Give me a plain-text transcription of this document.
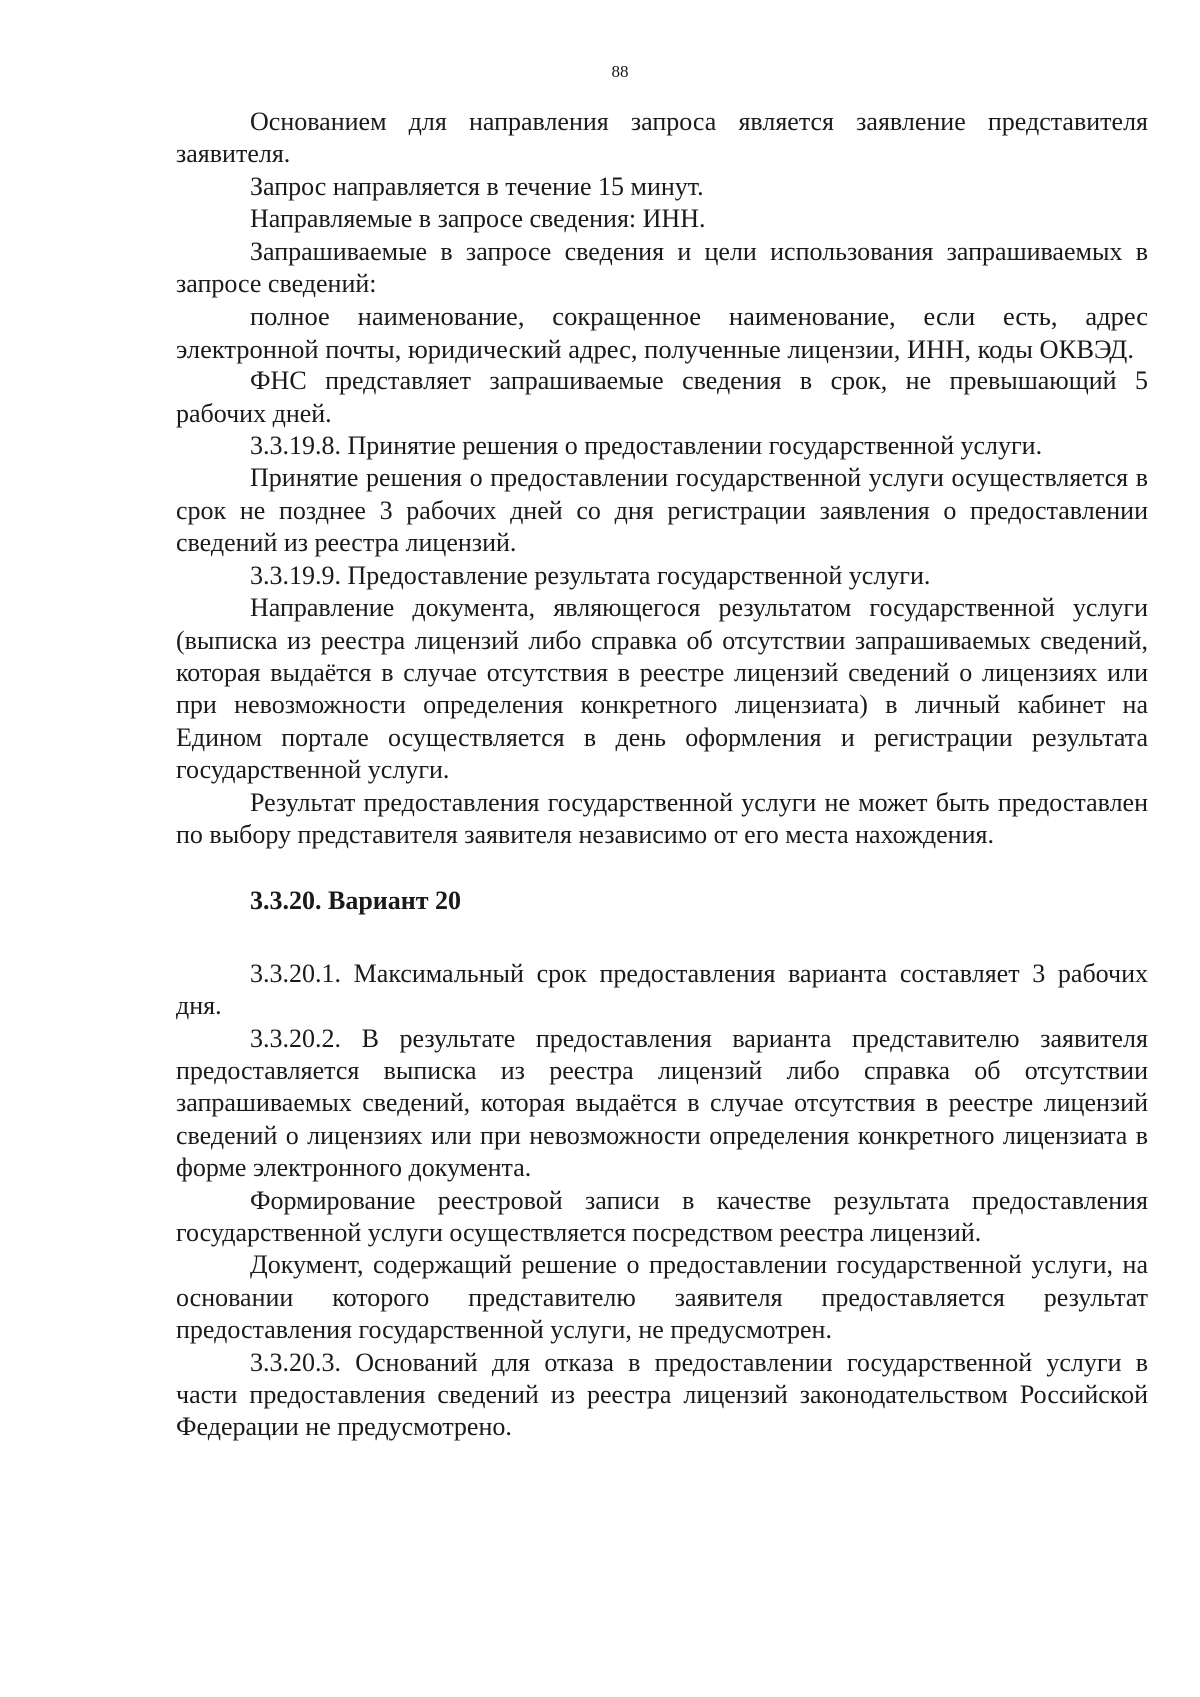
88

Основанием для направления запроса является заявление представителя заявителя.

Запрос направляется в течение 15 минут.

Направляемые в запросе сведения: ИНН.

Запрашиваемые в запросе сведения и цели использования запрашиваемых в запросе сведений:

полное наименование, сокращенное наименование, если есть, адрес электронной почты, юридический адрес, полученные лицензии, ИНН, коды ОКВЭД.

ФНС представляет запрашиваемые сведения в срок, не превышающий 5 рабочих дней.

3.3.19.8. Принятие решения о предоставлении государственной услуги.

Принятие решения о предоставлении государственной услуги осуществляется в срок не позднее 3 рабочих дней со дня регистрации заявления о предоставлении сведений из реестра лицензий.

3.3.19.9. Предоставление результата государственной услуги.

Направление документа, являющегося результатом государственной услуги (выписка из реестра лицензий либо справка об отсутствии запрашиваемых сведений, которая выдаётся в случае отсутствия в реестре лицензий сведений о лицензиях или при невозможности определения конкретного лицензиата) в личный кабинет на Едином портале осуществляется в день оформления и регистрации результата государственной услуги.

Результат предоставления государственной услуги не может быть предоставлен по выбору представителя заявителя независимо от его места нахождения.

3.3.20. Вариант 20

3.3.20.1. Максимальный срок предоставления варианта составляет 3 рабочих дня.

3.3.20.2. В результате предоставления варианта представителю заявителя предоставляется выписка из реестра лицензий либо справка об отсутствии запрашиваемых сведений, которая выдаётся в случае отсутствия в реестре лицензий сведений о лицензиях или при невозможности определения конкретного лицензиата в форме электронного документа.

Формирование реестровой записи в качестве результата предоставления государственной услуги осуществляется посредством реестра лицензий.

Документ, содержащий решение о предоставлении государственной услуги, на основании которого представителю заявителя предоставляется результат предоставления государственной услуги, не предусмотрен.

3.3.20.3. Оснований для отказа в предоставлении государственной услуги в части предоставления сведений из реестра лицензий законодательством Российской Федерации не предусмотрено.
